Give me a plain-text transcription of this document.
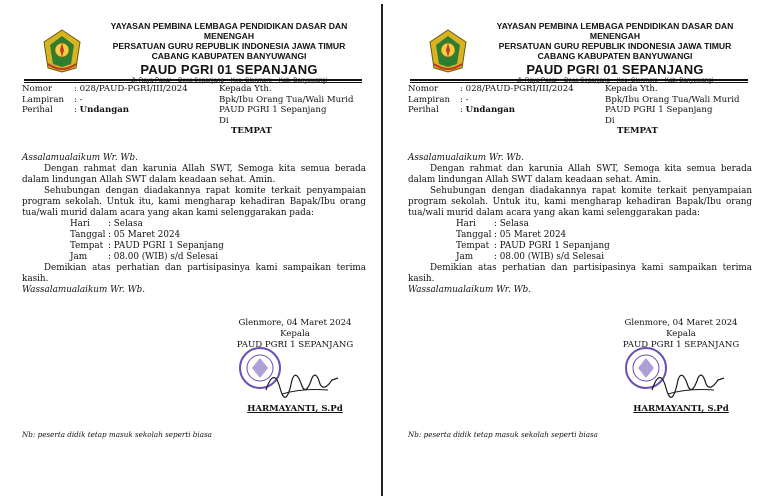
YAYASAN PEMBINA LEMBAGA PENDIDIKAN DASAR DAN MENENGAH
PERSATUAN GURU REPUBLIK INDONESIA JAWA TIMUR
CABANG KABUPATEN BANYUWANGI
PAUD PGRI 01 SEPANJANG
Nomor	: 028/PAUD-PGRI/III/2024
Lampiran	: -
Perihal	: Undangan
Kepada Yth.
Bpk/Ibu Orang Tua/Wali Murid
PAUD PGRI 1 Sepanjang
Di
TEMPAT

Assalamualaikum Wr. Wb.

Dengan rahmat dan karunia Allah SWT, Semoga kita semua berada dalam lindungan Allah SWT dalam keadaan sehat. Amin.

Sehubungan dengan diadakannya rapat komite terkait penyampaian program sekolah. Untuk itu, kami mengharap kehadiran Bapak/Ibu orang tua/wali murid dalam acara yang akan kami selenggarakan pada:

Hari	: Selasa
Tanggal : 05 Maret 2024
Tempat : PAUD PGRI 1 Sepanjang
Jam	: 08.00 (WIB) s/d Selesai

Demikian atas perhatian dan partisipasinya kami sampaikan terima kasih.

Wassalamualaikum Wr. Wb.

Glenmore, 04 Maret 2024
Kepala
PAUD PGRI 1 SEPANJANG
HARMAYANTI, S.Pd
Nb: peserta didik tetap masuk sekolah seperti biasa
YAYASAN PEMBINA LEMBAGA PENDIDIKAN DASAR DAN MENENGAH
PERSATUAN GURU REPUBLIK INDONESIA JAWA TIMUR
CABANG KABUPATEN BANYUWANGI
PAUD PGRI 01 SEPANJANG
Nomor	: 028/PAUD-PGRI/III/2024
Lampiran	: -
Perihal	: Undangan
Kepada Yth.
Bpk/Ibu Orang Tua/Wali Murid
PAUD PGRI 1 Sepanjang
Di
TEMPAT

Assalamualaikum Wr. Wb.

Dengan rahmat dan karunia Allah SWT, Semoga kita semua berada dalam lindungan Allah SWT dalam keadaan sehat. Amin.

Sehubungan dengan diadakannya rapat komite terkait penyampaian program sekolah. Untuk itu, kami mengharap kehadiran Bapak/Ibu orang tua/wali murid dalam acara yang akan kami selenggarakan pada:

Hari	: Selasa
Tanggal : 05 Maret 2024
Tempat : PAUD PGRI 1 Sepanjang
Jam	: 08.00 (WIB) s/d Selesai

Demikian atas perhatian dan partisipasinya kami sampaikan terima kasih.

Wassalamualaikum Wr. Wb.

Glenmore, 04 Maret 2024
Kepala
PAUD PGRI 1 SEPANJANG
HARMAYANTI, S.Pd
Nb: peserta didik tetap masuk sekolah seperti biasa
